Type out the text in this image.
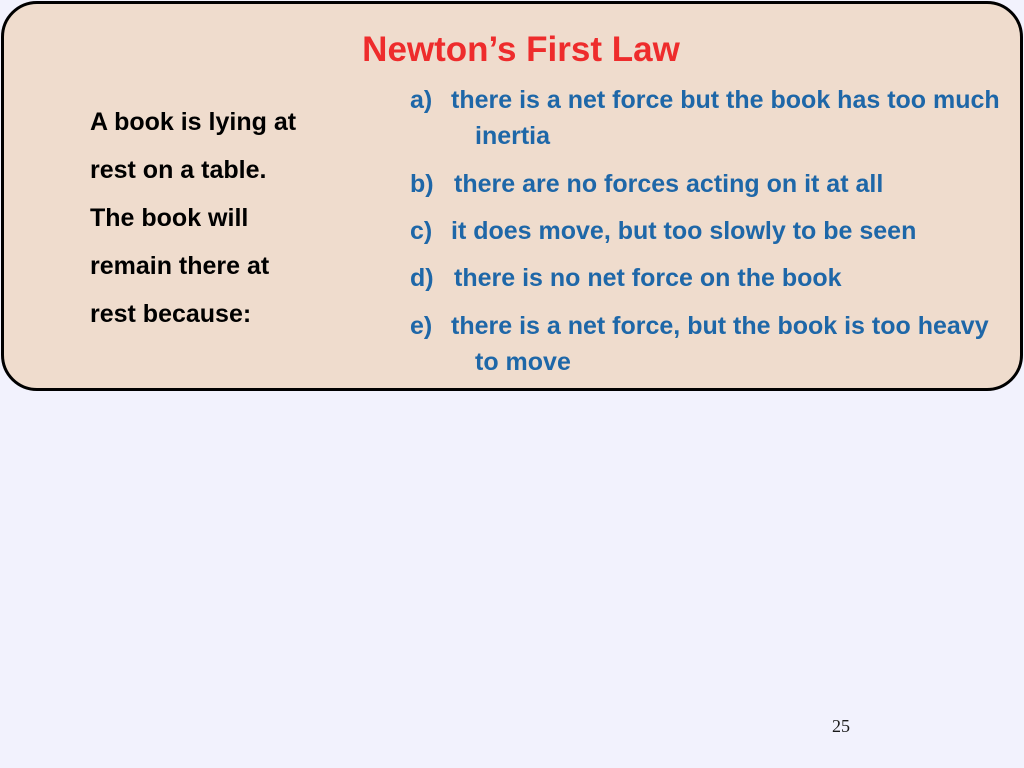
Newton’s First Law
A book is lying at
rest on a table.
The book will
remain there at
rest because:
a) there is a net force but the book has too much inertia
b) there are no forces acting on it at all
c) it does move, but too slowly to be seen
d) there is no net force on the book
e) there is a net force, but the book is too heavy to move
25
